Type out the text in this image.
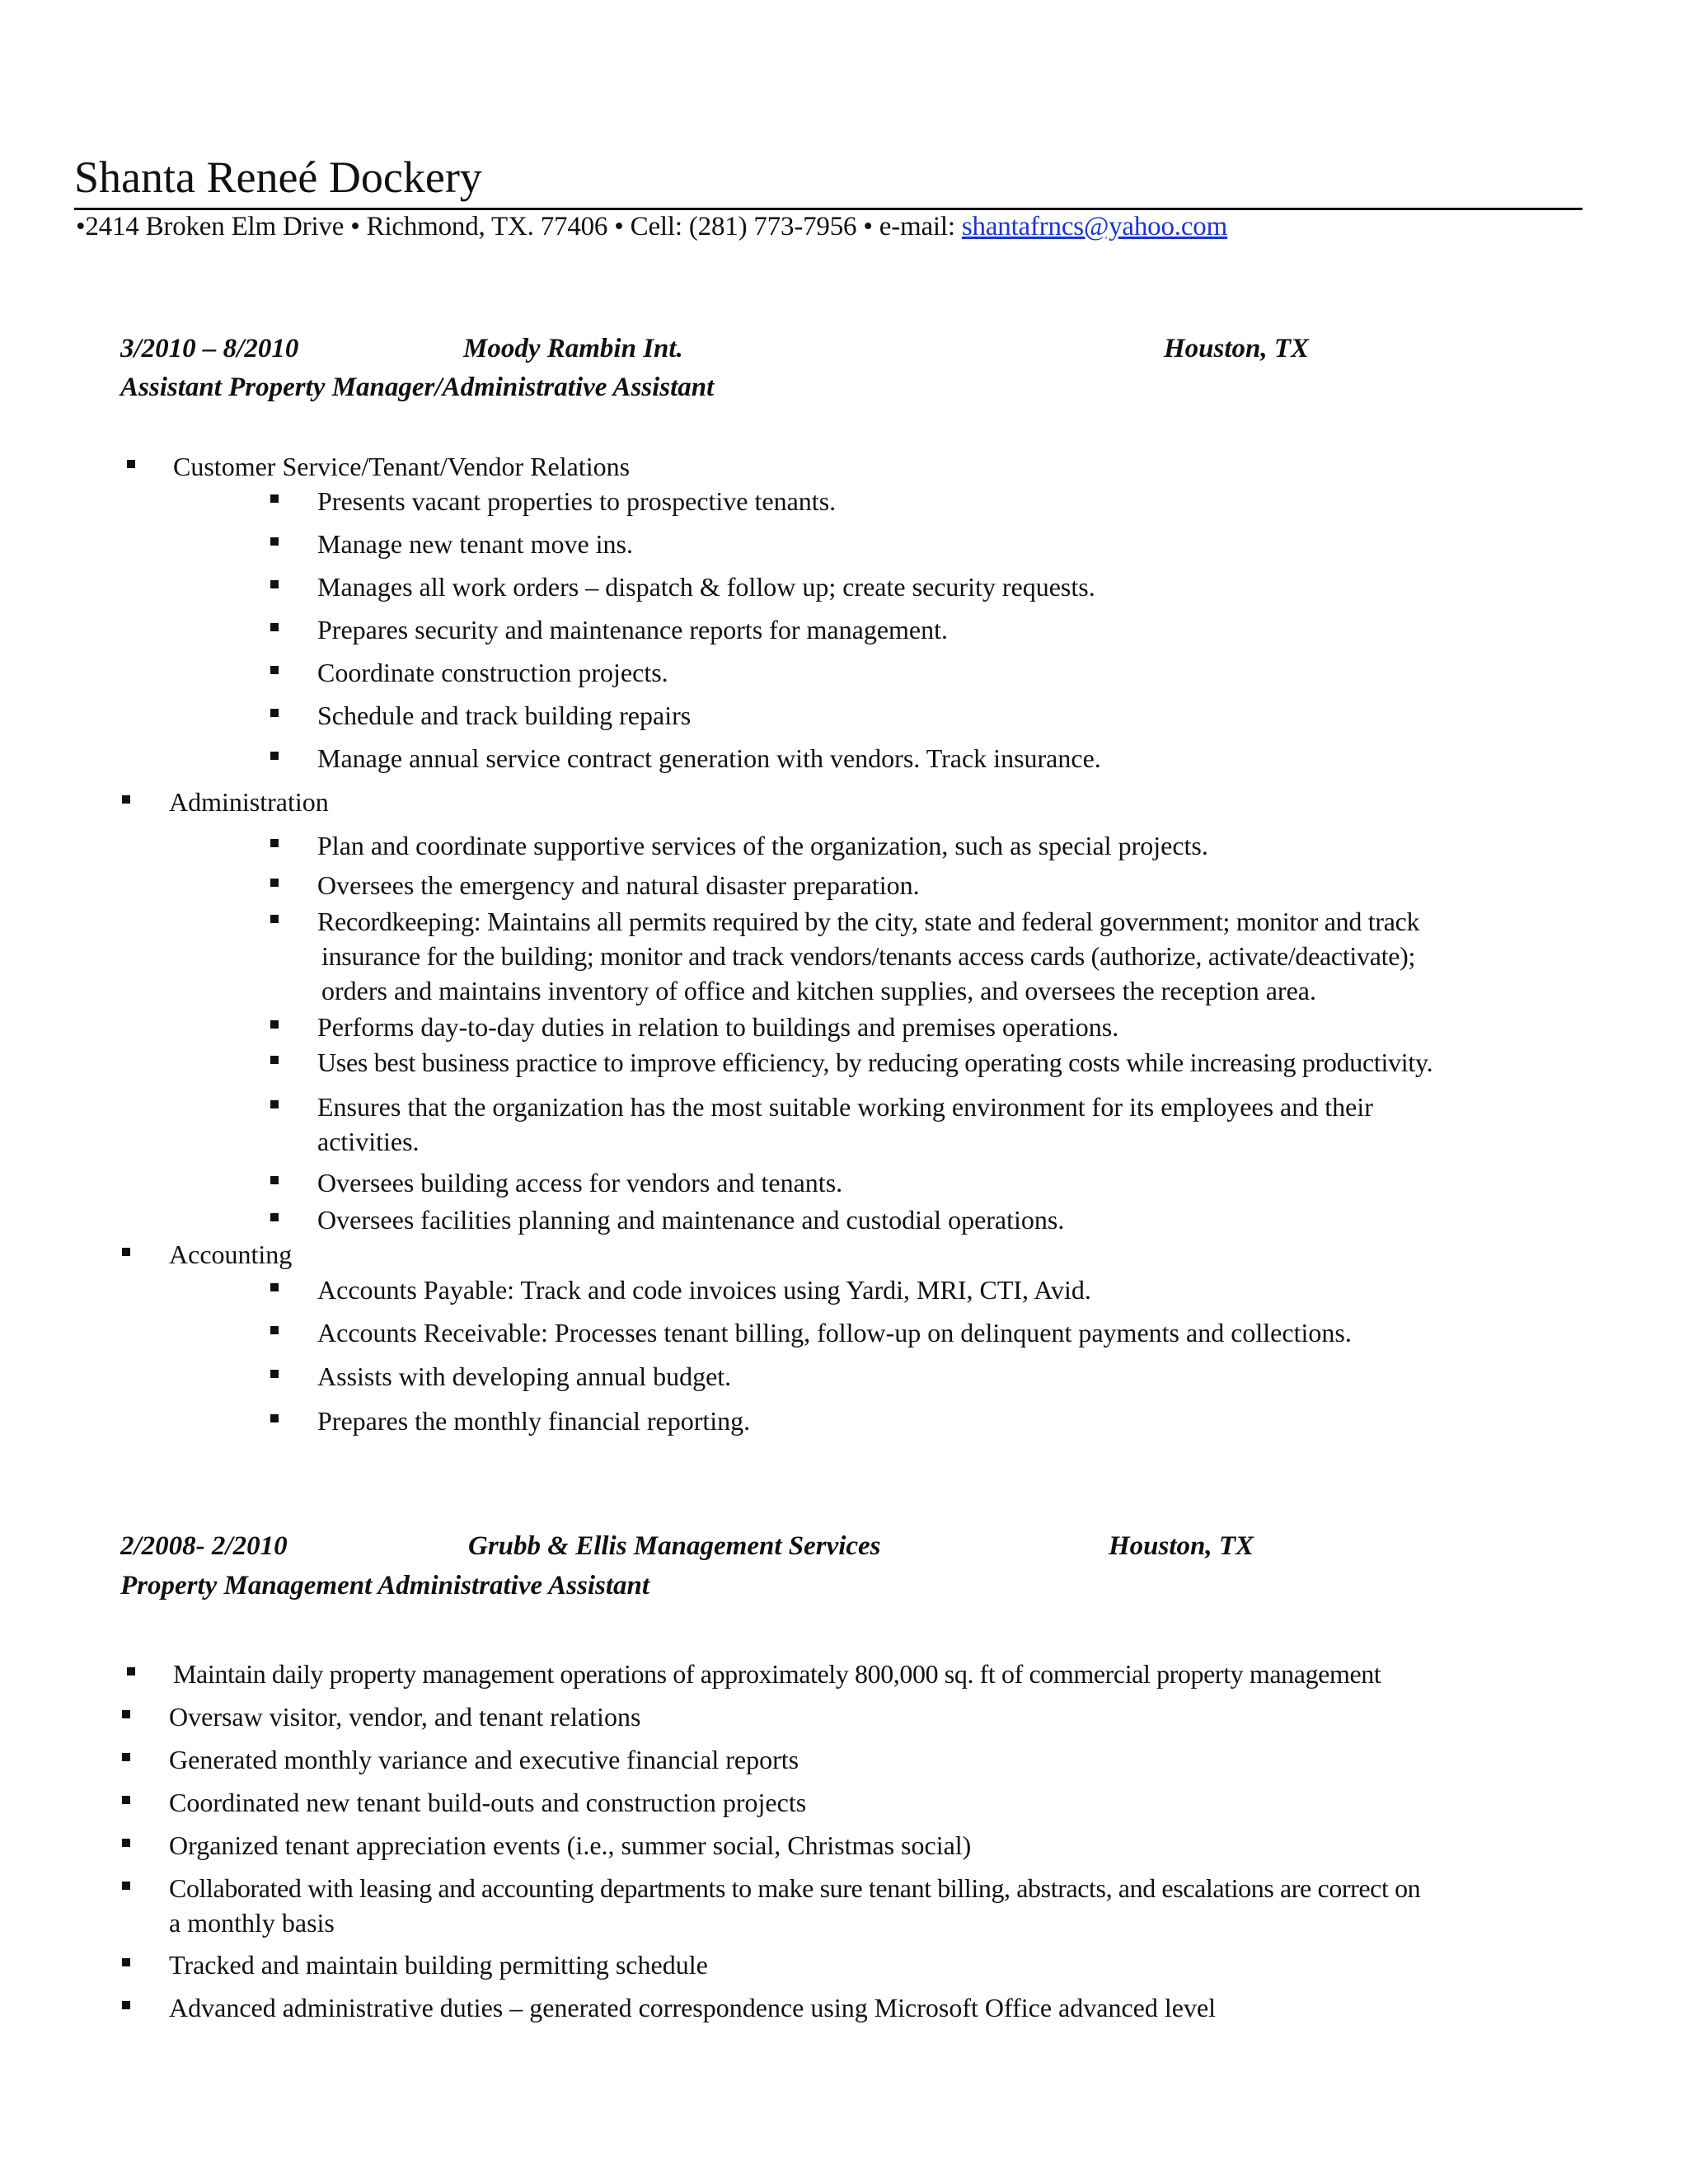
Shanta Reneé Dockery
•2414 Broken Elm Drive • Richmond, TX. 77406 • Cell: (281) 773-7956 • e-mail: shantafrncs@yahoo.com
3/2010 – 8/2010	Moody Rambin Int.	Houston, TX
Assistant Property Manager/Administrative Assistant
Customer Service/Tenant/Vendor Relations
Presents vacant properties to prospective tenants.
Manage new tenant move ins.
Manages all work orders – dispatch & follow up; create security requests.
Prepares security and maintenance reports for management.
Coordinate construction projects.
Schedule and track building repairs
Manage annual service contract generation with vendors. Track insurance.
Administration
Plan and coordinate supportive services of the organization, such as special projects.
Oversees the emergency and natural disaster preparation.
Recordkeeping: Maintains all permits required by the city, state and federal government; monitor and track
insurance for the building; monitor and track vendors/tenants access cards (authorize, activate/deactivate);
orders and maintains inventory of office and kitchen supplies, and oversees the reception area.
Performs day-to-day duties in relation to buildings and premises operations.
Uses best business practice to improve efficiency, by reducing operating costs while increasing productivity.
Ensures that the organization has the most suitable working environment for its employees and their
activities.
Oversees building access for vendors and tenants.
Oversees facilities planning and maintenance and custodial operations.
Accounting
Accounts Payable: Track and code invoices using Yardi, MRI, CTI, Avid.
Accounts Receivable: Processes tenant billing, follow-up on delinquent payments and collections.
Assists with developing annual budget.
Prepares the monthly financial reporting.
2/2008- 2/2010	Grubb & Ellis Management Services	Houston, TX
Property Management Administrative Assistant
Maintain daily property management operations of approximately 800,000 sq. ft of commercial property management
Oversaw visitor, vendor, and tenant relations
Generated monthly variance and executive financial reports
Coordinated new tenant build-outs and construction projects
Organized tenant appreciation events (i.e., summer social, Christmas social)
Collaborated with leasing and accounting departments to make sure tenant billing, abstracts, and escalations are correct on
a monthly basis
Tracked and maintain building permitting schedule
Advanced administrative duties – generated correspondence using Microsoft Office advanced level
